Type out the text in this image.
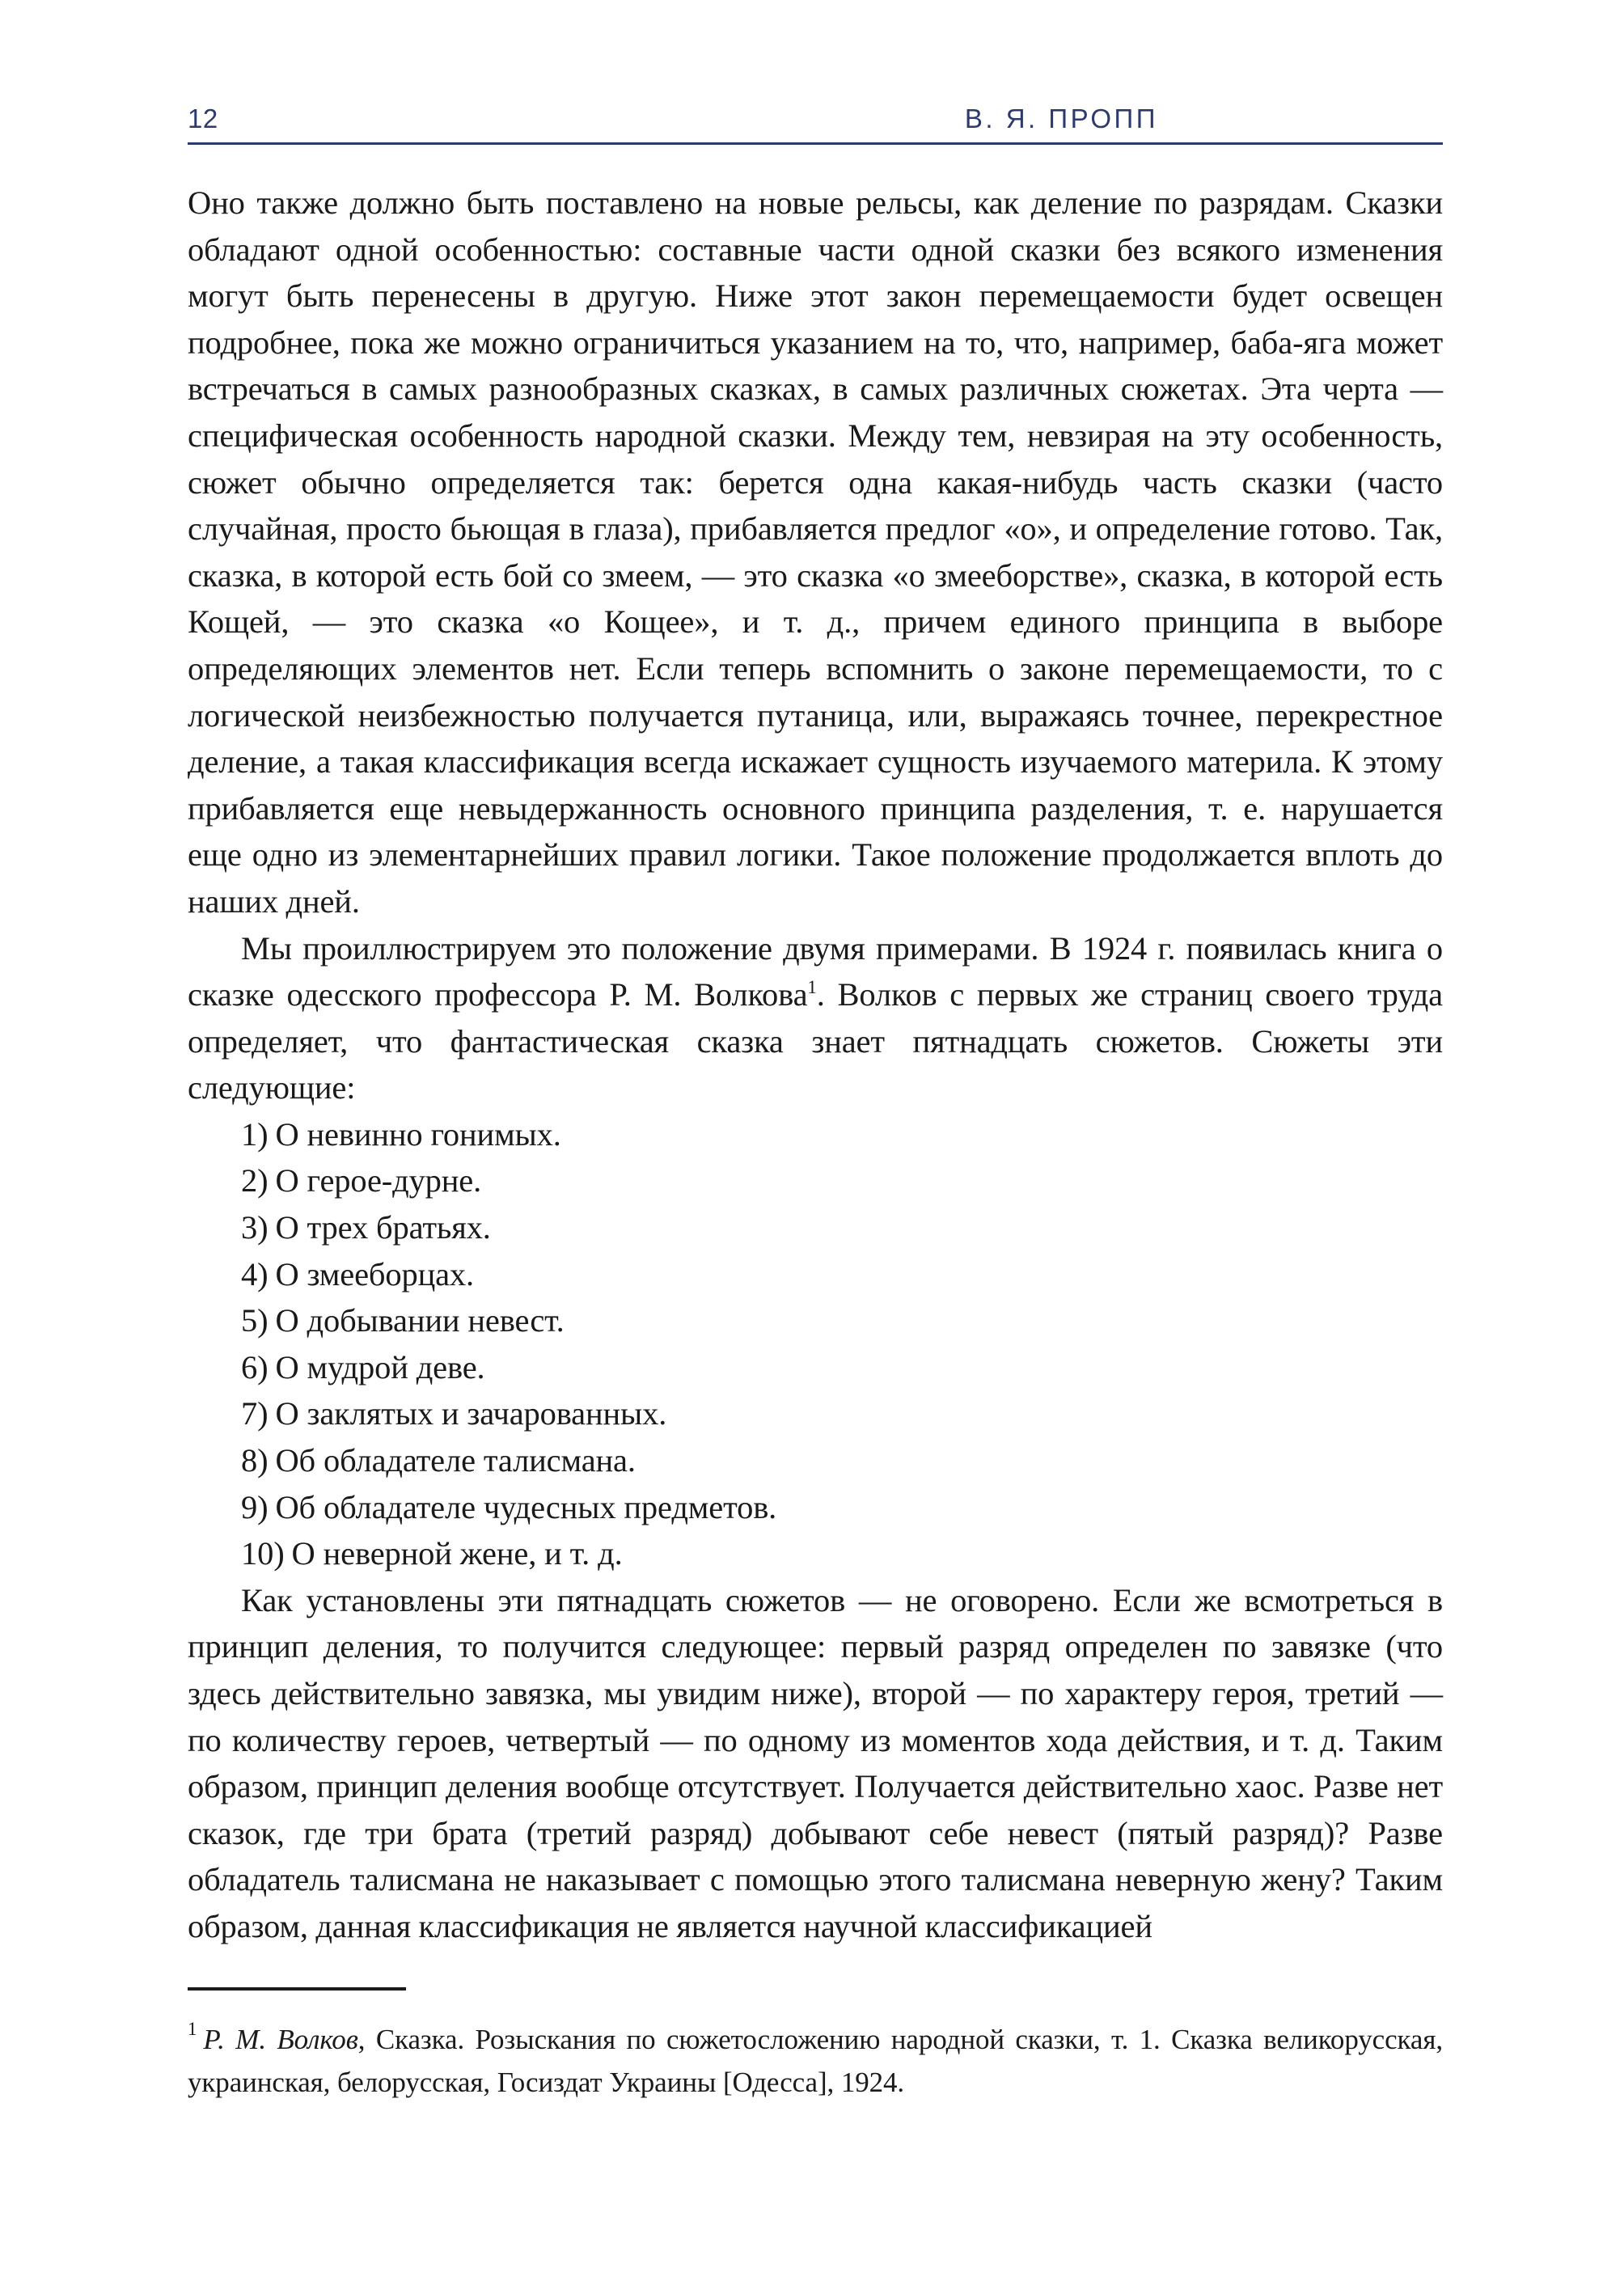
12	В. Я. ПРОПП

Оно также должно быть поставлено на новые рельсы, как деление по разрядам. Сказки обладают одной особенностью: составные части одной сказки без всякого изменения могут быть перенесены в другую. Ниже этот закон перемещаемости будет освещен подробнее, пока же можно ограничиться указанием на то, что, например, баба-яга может встречаться в самых разнообразных сказках, в самых различных сюжетах. Эта черта — специфическая особенность народной сказки. Между тем, невзирая на эту особенность, сюжет обычно определяется так: берется одна какая-нибудь часть сказки (часто случайная, просто бьющая в глаза), прибавляется предлог «о», и определение готово. Так, сказка, в которой есть бой со змеем, — это сказка «о змееборстве», сказка, в которой есть Кощей, — это сказка «о Кощее», и т. д., причем единого принципа в выборе определяющих элементов нет. Если теперь вспомнить о законе перемещаемости, то с логической неизбежностью получается путаница, или, выражаясь точнее, перекрестное деление, а такая классификация всегда искажает сущность изучаемого материла. К этому прибавляется еще невыдержанность основного принципа разделения, т. е. нарушается еще одно из элементарнейших правил логики. Такое положение продолжается вплоть до наших дней.

Мы проиллюстрируем это положение двумя примерами. В 1924 г. появилась книга о сказке одесского профессора Р. М. Волкова$^1$. Волков с первых же страниц своего труда определяет, что фантастическая сказка знает пятнадцать сюжетов. Сюжеты эти следующие:

1) О невинно гонимых.
2) О герое-дурне.
3) О трех братьях.
4) О змееборцах.
5) О добывании невест.
6) О мудрой деве.
7) О заклятых и зачарованных.
8) Об обладателе талисмана.
9) Об обладателе чудесных предметов.
10) О неверной жене, и т. д.

Как установлены эти пятнадцать сюжетов — не оговорено. Если же всмотреться в принцип деления, то получится следующее: первый разряд определен по завязке (что здесь действительно завязка, мы увидим ниже), второй — по характеру героя, третий — по количеству героев, четвертый — по одному из моментов хода действия, и т. д. Таким образом, принцип деления вообще отсутствует. Получается действительно хаос. Разве нет сказок, где три брата (третий разряд) добывают себе невест (пятый разряд)? Разве обладатель талисмана не наказывает с помощью этого талисмана неверную жену? Таким образом, данная классификация не является научной классификацией

$^1$ Р. М. Волков, Сказка. Розыскания по сюжетосложению народной сказки, т. 1. Сказка великорусская, украинская, белорусская, Госиздат Украины [Одесса], 1924.
